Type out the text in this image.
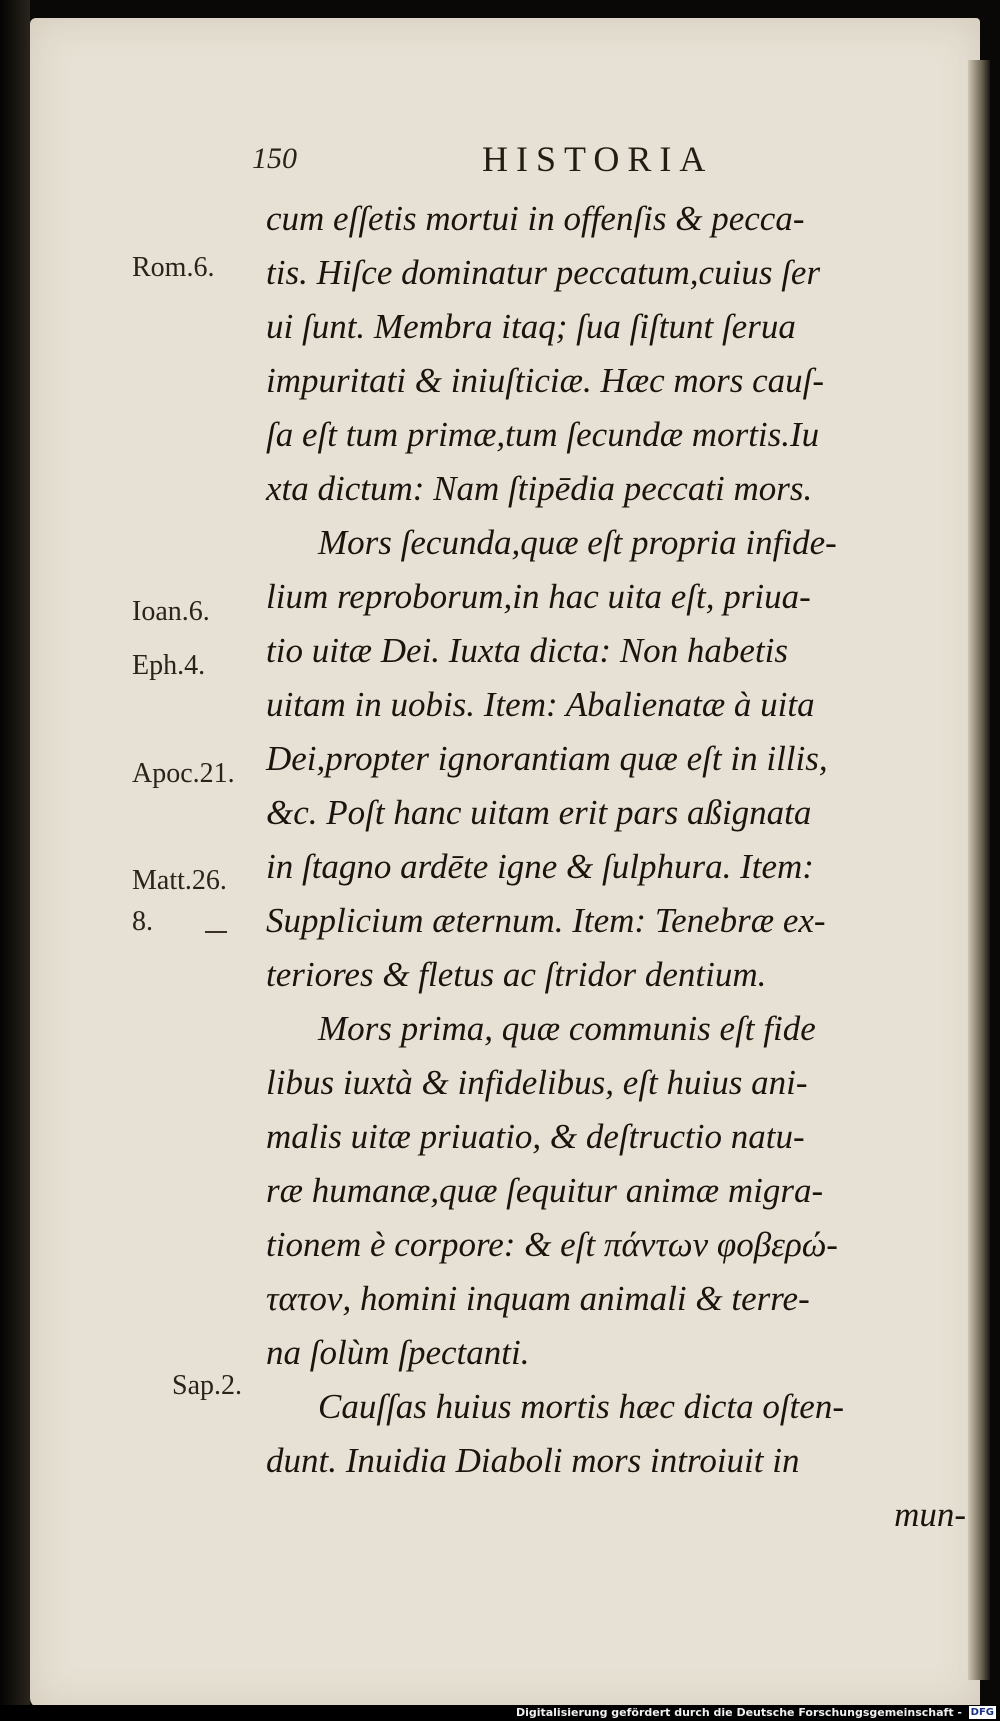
150	HISTORIA
cum eſſetis mortui in offenſis & pecca-
tis. Hiſce dominatur peccatum,cuius ſer
ui ſunt. Membra itaq; ſua ſiſtunt ſerua
impuritati & iniuſticiæ. Hæc mors cauſ-
ſa eſt tum primæ,tum ſecundæ mortis.Iu
xta dictum: Nam ſtipēdia peccati mors.
Mors ſecunda,quæ eſt propria infide-
lium reproborum,in hac uita eſt, priua-
tio uitæ Dei. Iuxta dicta: Non habetis
uitam in uobis. Item: Abalienatæ à uita
Dei,propter ignorantiam quæ eſt in illis,
&c. Poſt hanc uitam erit pars aßignata
in ſtagno ardēte igne & ſulphura. Item:
Supplicium æternum. Item: Tenebræ ex-
teriores & fletus ac ſtridor dentium.
Mors prima, quæ communis eſt fide
libus iuxtà & infidelibus, eſt huius ani-
malis uitæ priuatio, & deſtructio natu-
ræ humanæ,quæ ſequitur animæ migra-
tionem è corpore: & eſt πάντων φοβερώ-
τατον, homini inquam animali & terre-
na ſolùm ſpectanti.
Cauſſas huius mortis hæc dicta oſten-
dunt. Inuidia Diaboli mors introiuit in
mun-
Rom.6.
Ioan.6.
Eph.4.
Apoc.21.
Matt.26.
8.
Sap.2.
Digitalisierung gefördert durch die Deutsche Forschungsgemeinschaft - DFG
